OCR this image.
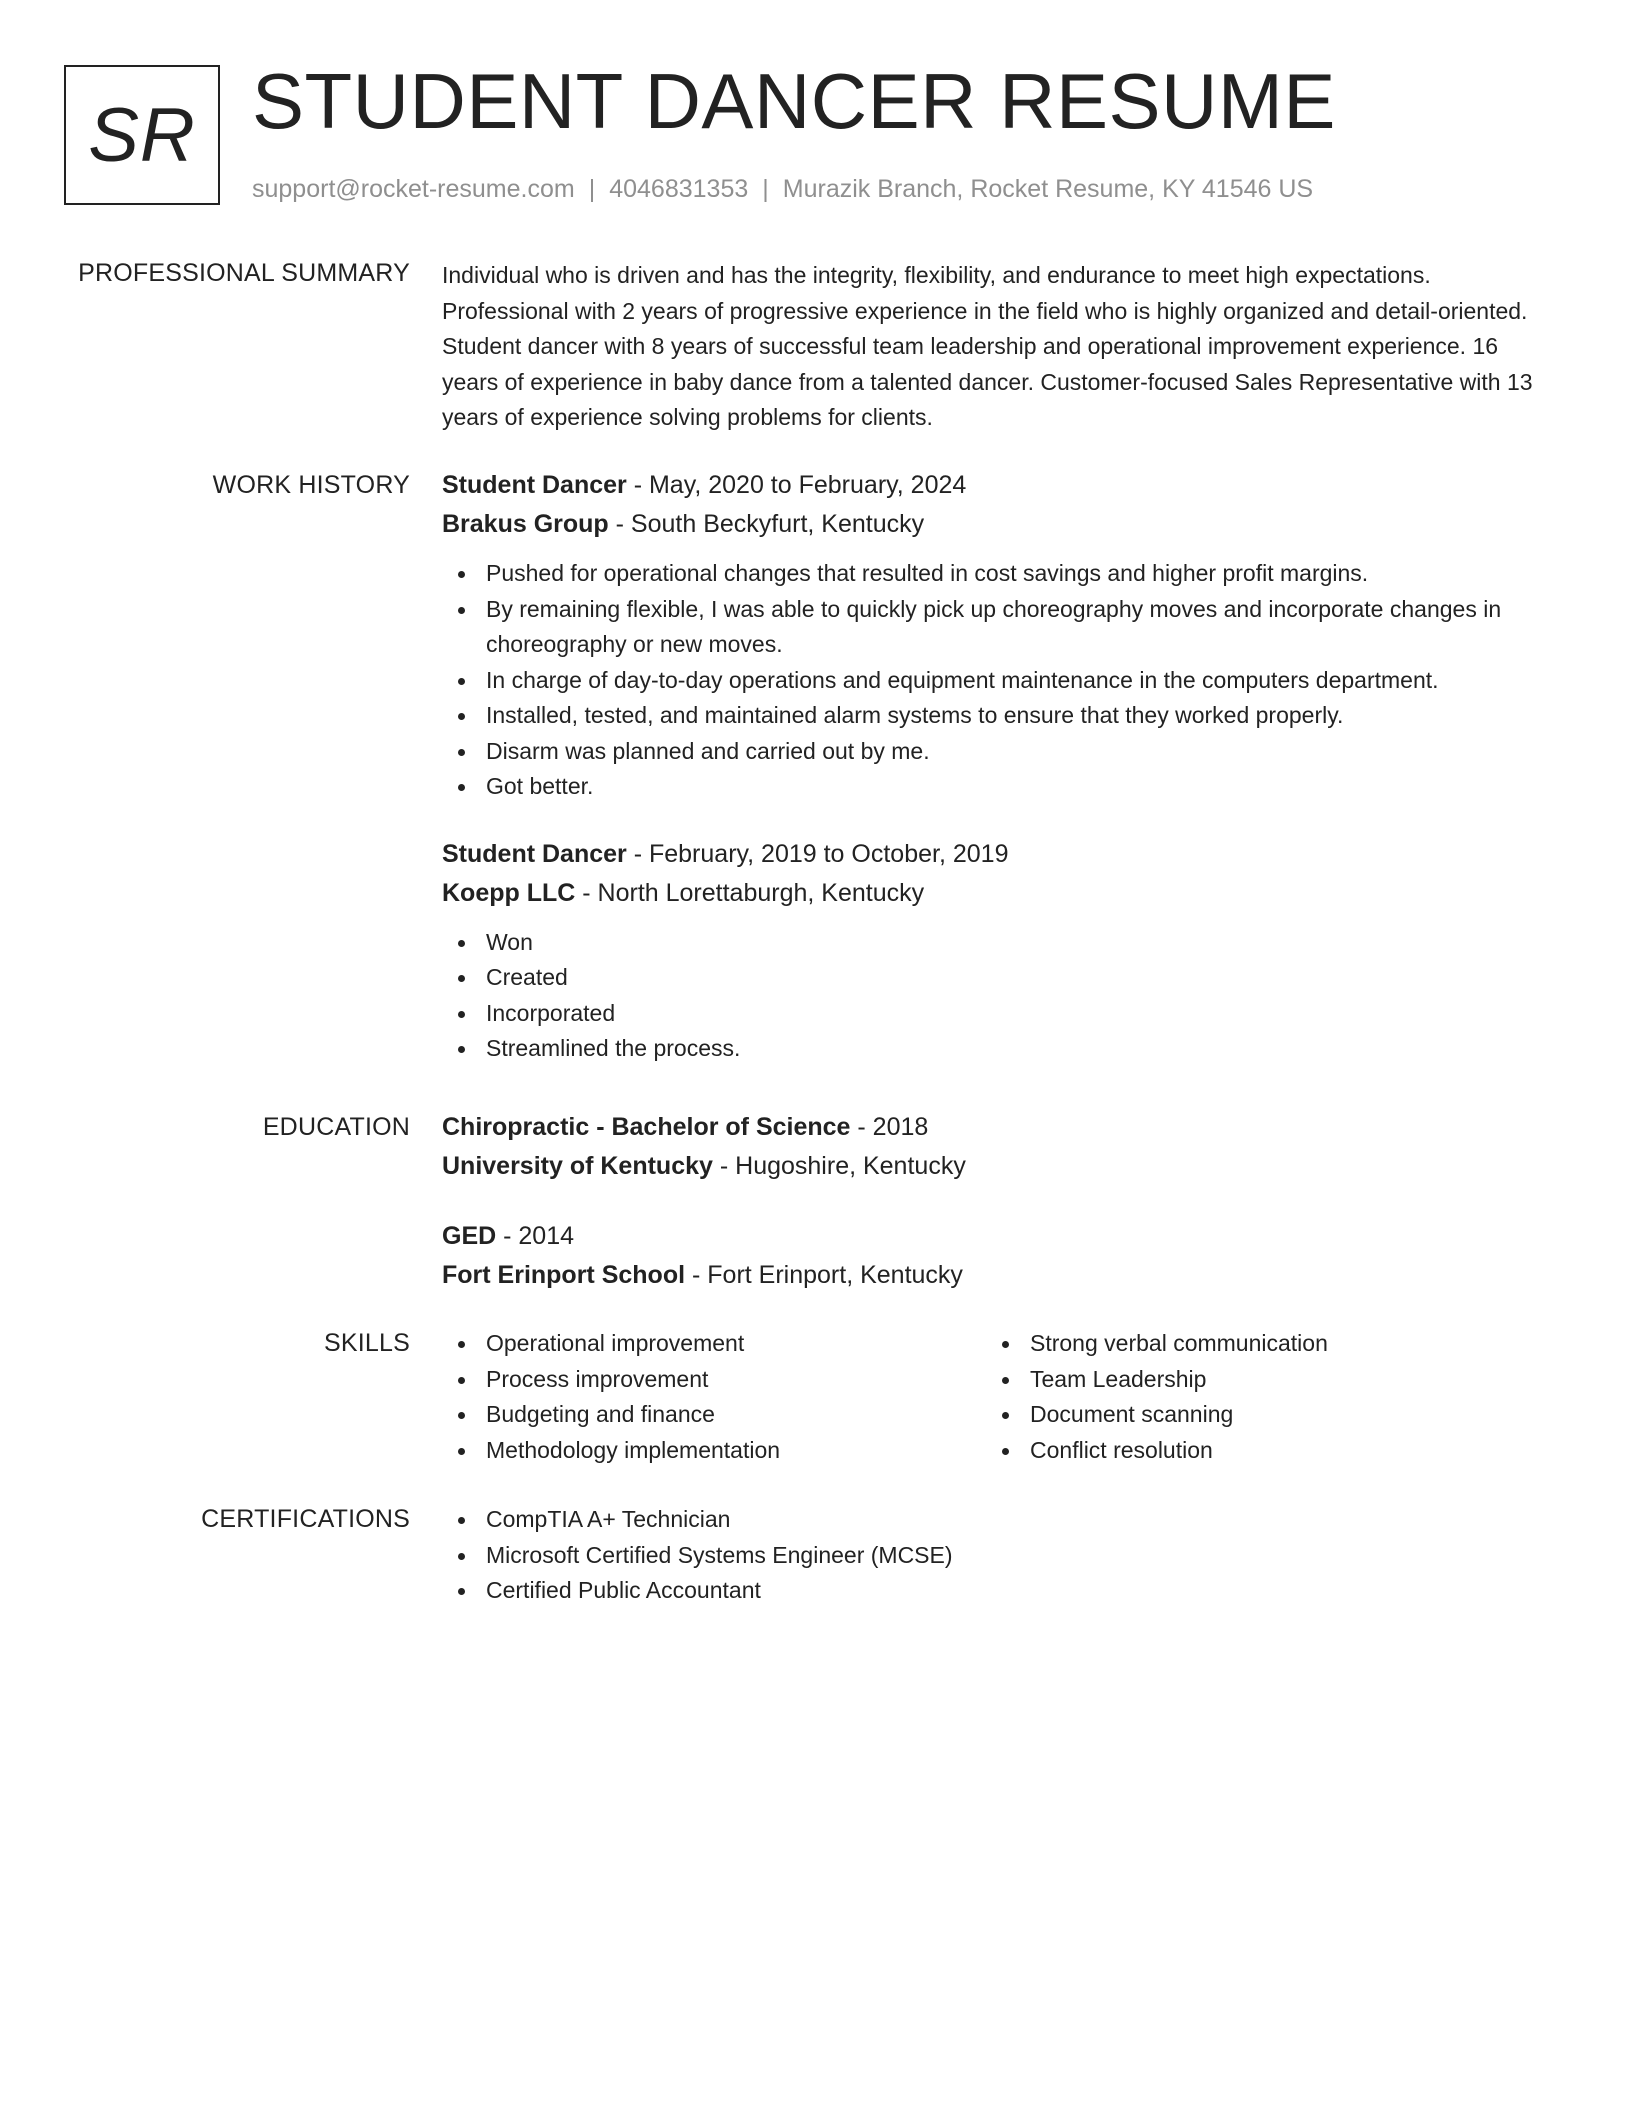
SR STUDENT DANCER RESUME
support@rocket-resume.com | 4046831353 | Murazik Branch, Rocket Resume, KY 41546 US
PROFESSIONAL SUMMARY Individual who is driven and has the integrity, flexibility, and endurance to meet high expectations. Professional with 2 years of progressive experience in the field who is highly organized and detail-oriented. Student dancer with 8 years of successful team leadership and operational improvement experience. 16 years of experience in baby dance from a talented dancer. Customer-focused Sales Representative with 13 years of experience solving problems for clients.

WORK HISTORY Student Dancer - May, 2020 to February, 2024
Brakus Group - South Beckyfurt, Kentucky
Pushed for operational changes that resulted in cost savings and higher profit margins.
By remaining flexible, I was able to quickly pick up choreography moves and incorporate changes in choreography or new moves.
In charge of day-to-day operations and equipment maintenance in the computers department.
Installed, tested, and maintained alarm systems to ensure that they worked properly.
Disarm was planned and carried out by me.
Got better.
Student Dancer - February, 2019 to October, 2019
Koepp LLC - North Lorettaburgh, Kentucky
Won
Created
Incorporated
Streamlined the process.
EDUCATION Chiropractic - Bachelor of Science - 2018
University of Kentucky - Hugoshire, Kentucky
GED - 2014
Fort Erinport School - Fort Erinport, Kentucky
SKILLS	Operational improvement
Process improvement
Budgeting and finance
Methodology implementation
Strong verbal communication
Team Leadership
Document scanning
Conflict resolution
CERTIFICATIONS	CompTIA A+ Technician
Microsoft Certified Systems Engineer (MCSE)
Certified Public Accountant
